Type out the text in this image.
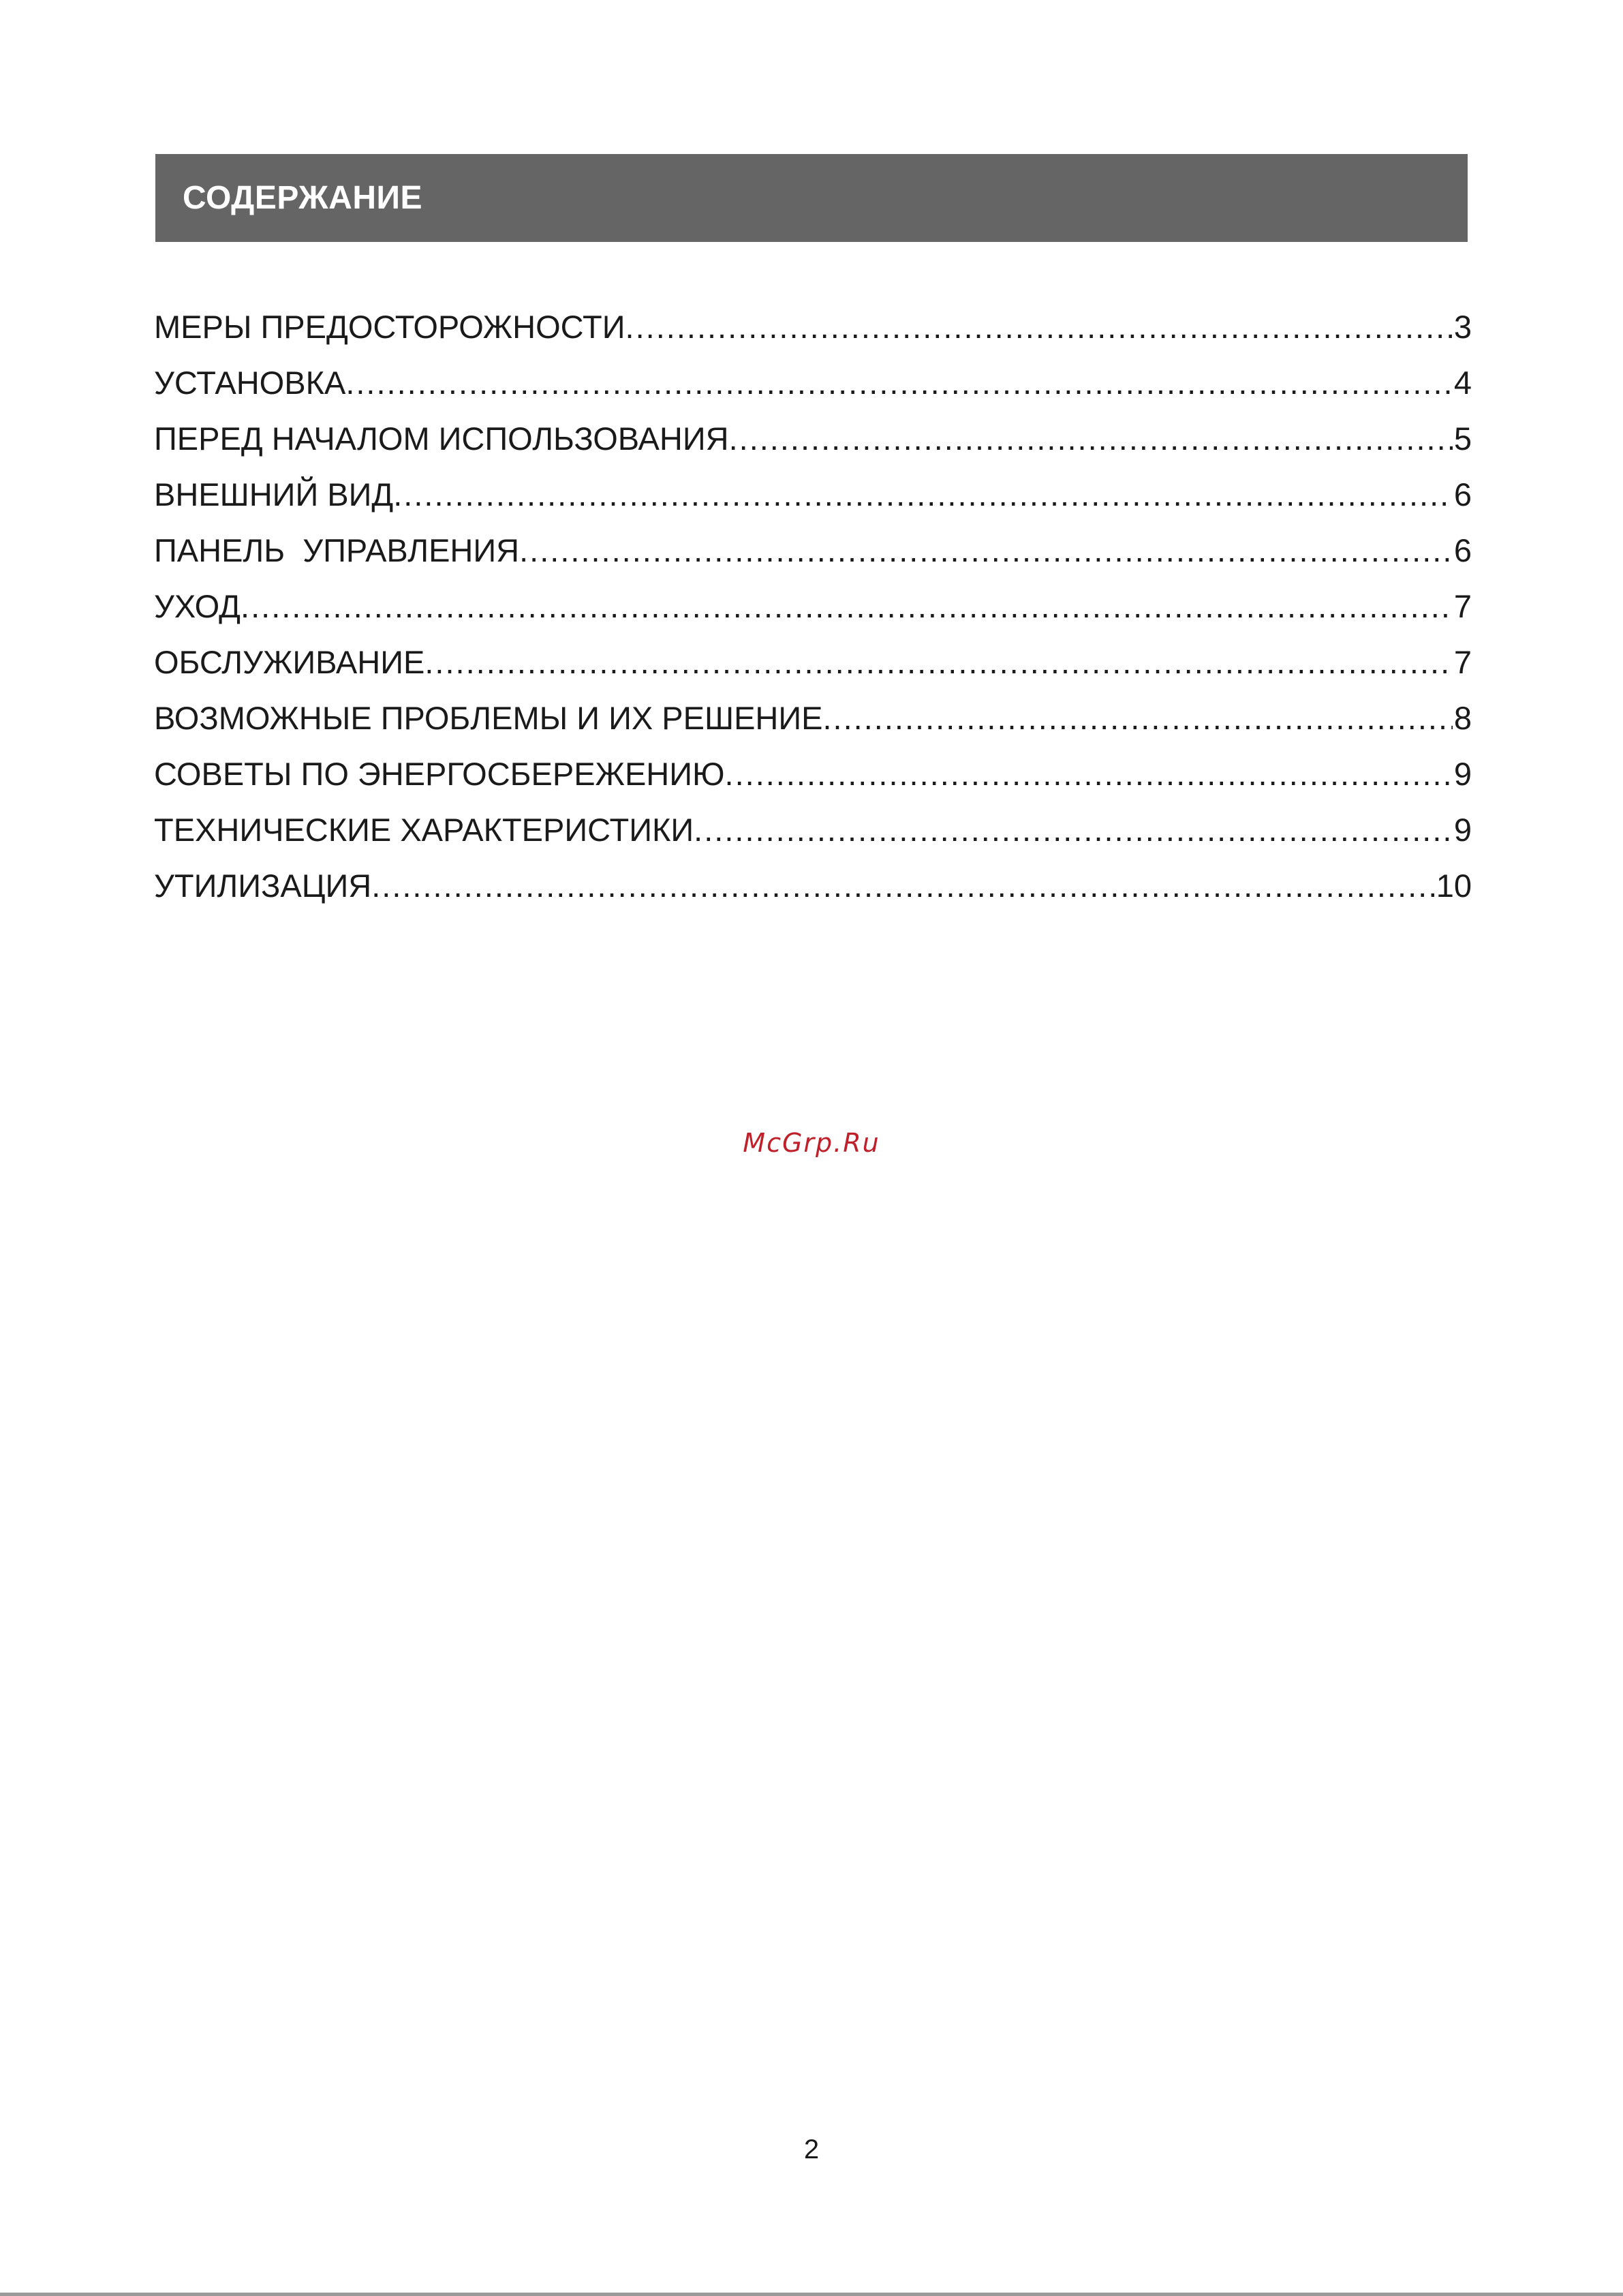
СОДЕРЖАНИЕ
МЕРЫ ПРЕДОСТОРОЖНОСТИ .....	3
УСТАНОВКА .....	4
ПЕРЕД НАЧАЛОМ ИСПОЛЬЗОВАНИЯ .....	5
ВНЕШНИЙ ВИД .....	6
ПАНЕЛЬ  УПРАВЛЕНИЯ .....	6
УХОД .....	7
ОБСЛУЖИВАНИЕ .....	7
ВОЗМОЖНЫЕ ПРОБЛЕМЫ И ИХ РЕШЕНИЕ .....	8
СОВЕТЫ ПО ЭНЕРГОСБЕРЕЖЕНИЮ .....	9
ТЕХНИЧЕСКИЕ ХАРАКТЕРИСТИКИ .....	9
УТИЛИЗАЦИЯ .....	10
McGrp.Ru
2
